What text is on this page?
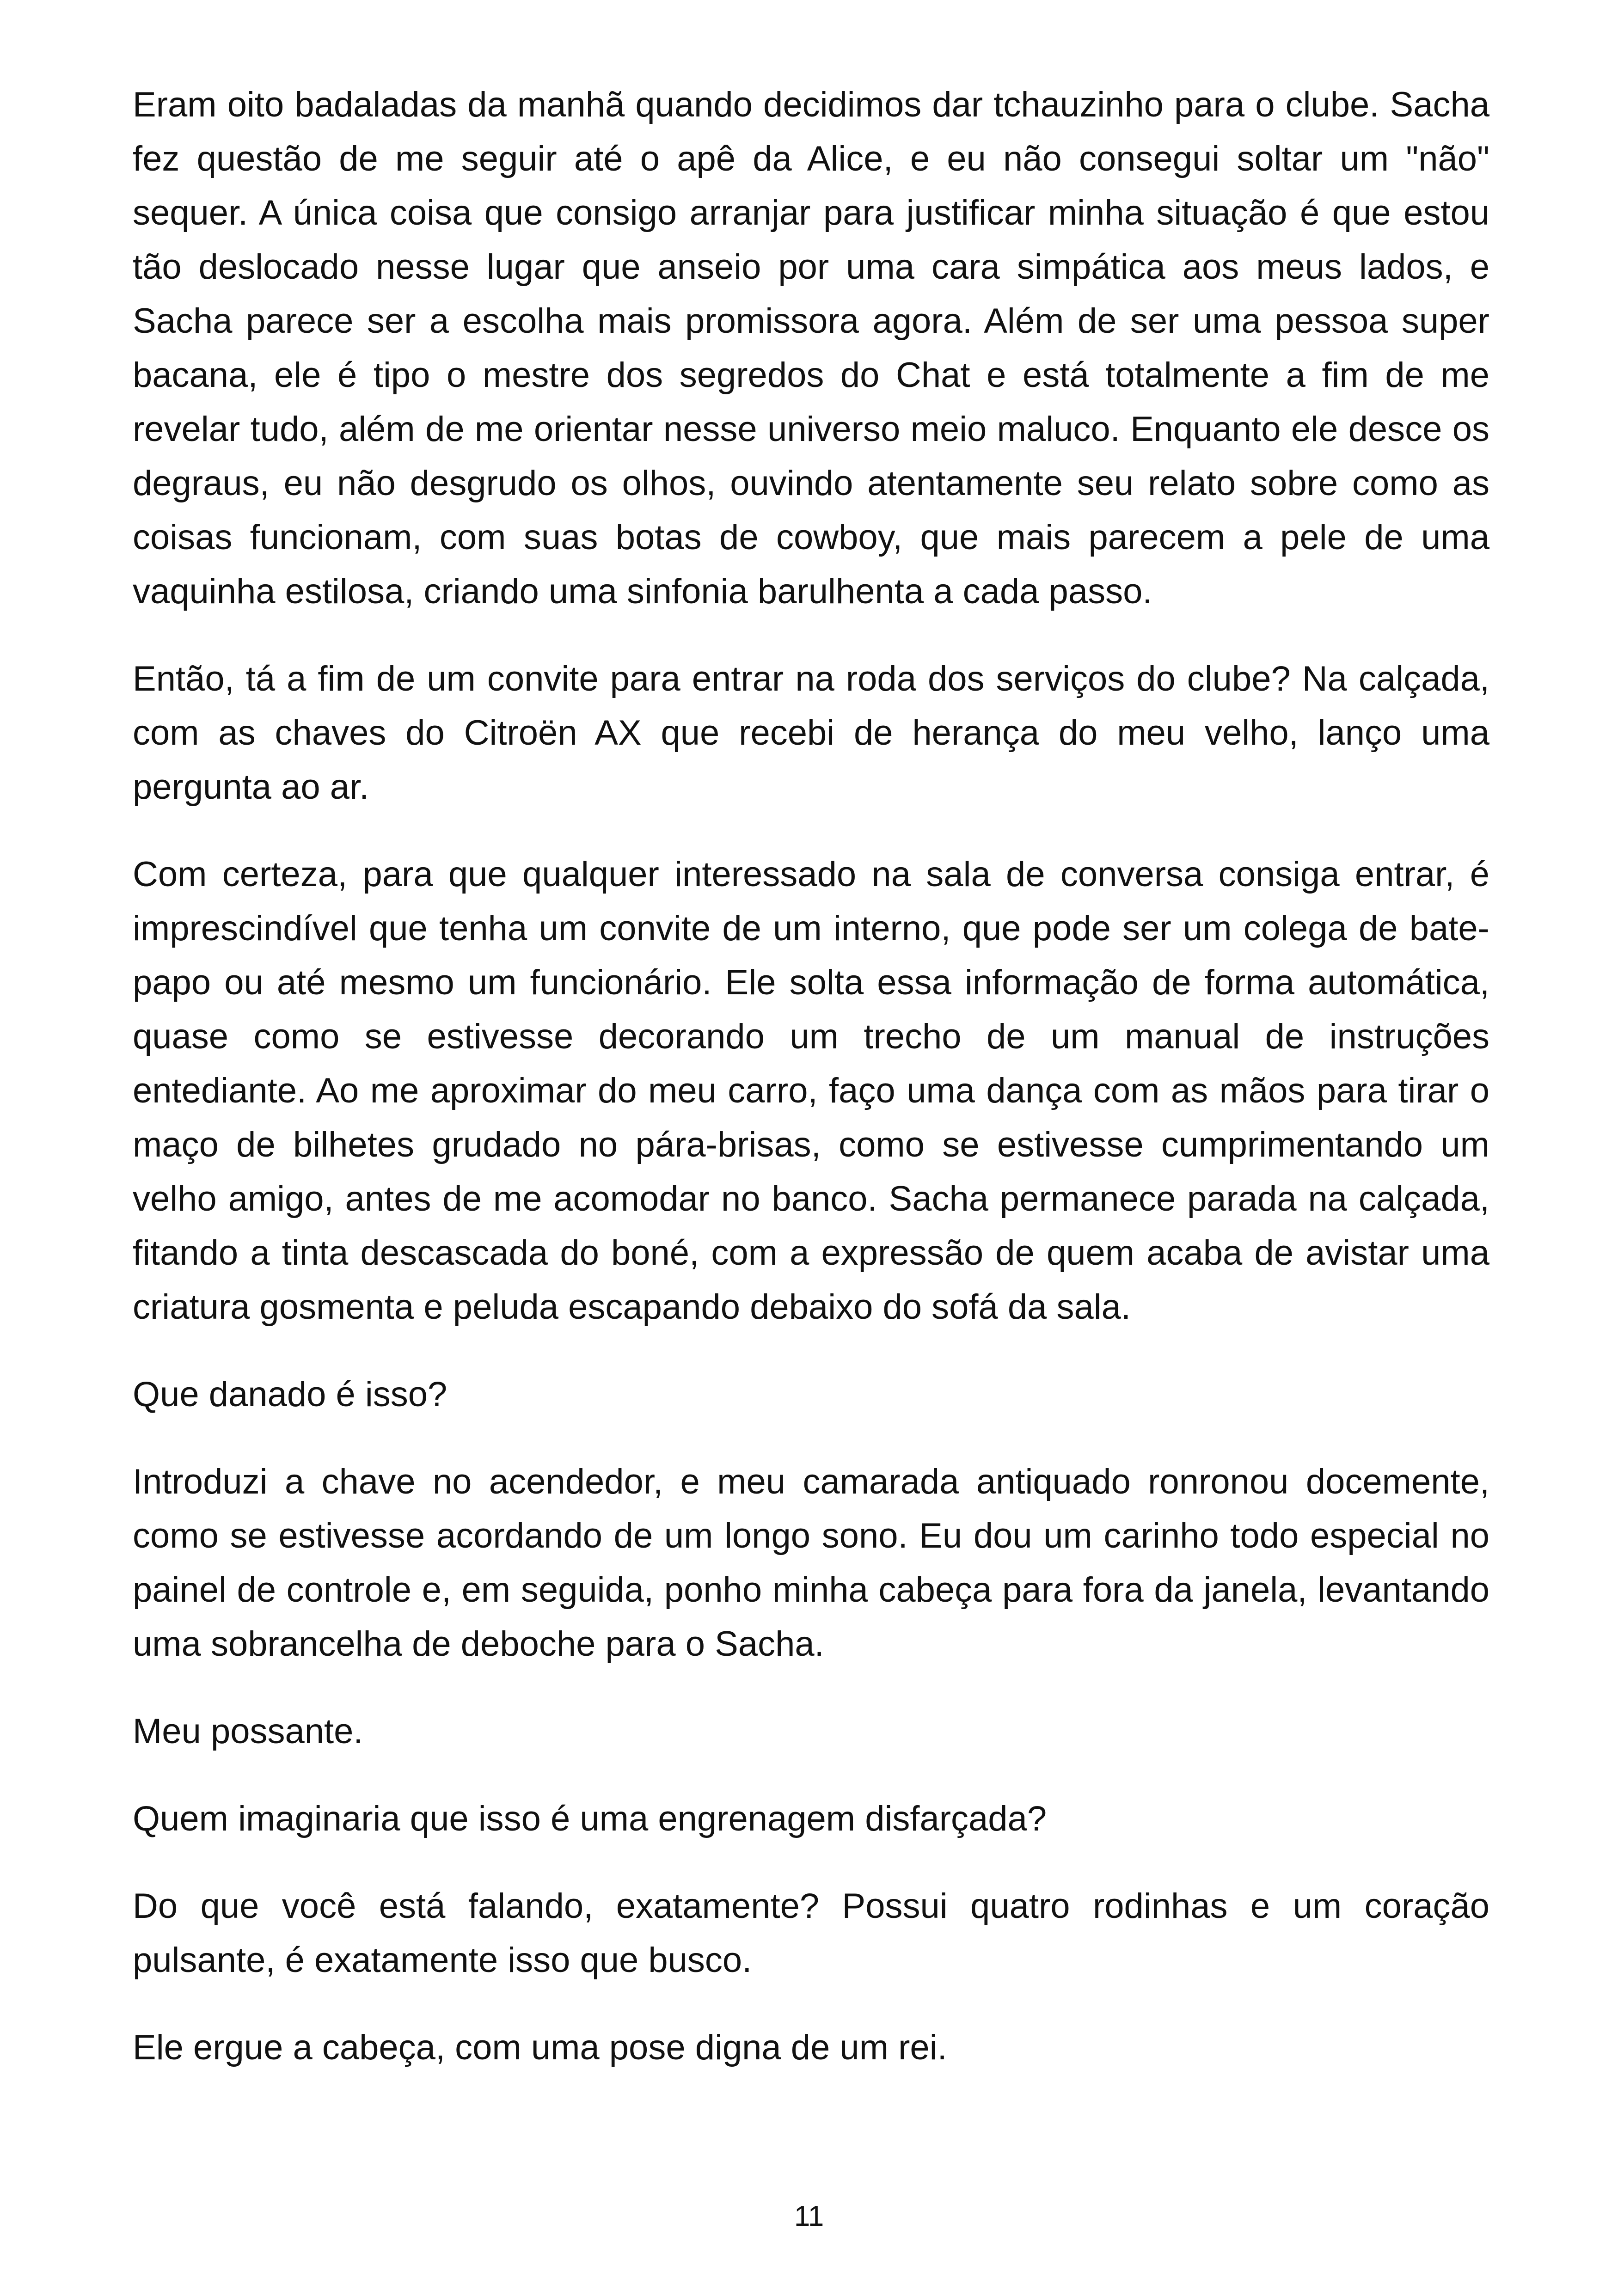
Eram oito badaladas da manhã quando decidimos dar tchauzinho para o clube. Sacha fez questão de me seguir até o apê da Alice, e eu não consegui soltar um "não" sequer. A única coisa que consigo arranjar para justificar minha situação é que estou tão deslocado nesse lugar que anseio por uma cara simpática aos meus lados, e Sacha parece ser a escolha mais promissora agora. Além de ser uma pessoa super bacana, ele é tipo o mestre dos segredos do Chat e está totalmente a fim de me revelar tudo, além de me orientar nesse universo meio maluco. Enquanto ele desce os degraus, eu não desgrudo os olhos, ouvindo atentamente seu relato sobre como as coisas funcionam, com suas botas de cowboy, que mais parecem a pele de uma vaquinha estilosa, criando uma sinfonia barulhenta a cada passo.

Então, tá a fim de um convite para entrar na roda dos serviços do clube? Na calçada, com as chaves do Citroën AX que recebi de herança do meu velho, lanço uma pergunta ao ar.

Com certeza, para que qualquer interessado na sala de conversa consiga entrar, é imprescindível que tenha um convite de um interno, que pode ser um colega de bate-papo ou até mesmo um funcionário. Ele solta essa informação de forma automática, quase como se estivesse decorando um trecho de um manual de instruções entediante. Ao me aproximar do meu carro, faço uma dança com as mãos para tirar o maço de bilhetes grudado no pára-brisas, como se estivesse cumprimentando um velho amigo, antes de me acomodar no banco. Sacha permanece parada na calçada, fitando a tinta descascada do boné, com a expressão de quem acaba de avistar uma criatura gosmenta e peluda escapando debaixo do sofá da sala.

Que danado é isso?

Introduzi a chave no acendedor, e meu camarada antiquado ronronou docemente, como se estivesse acordando de um longo sono. Eu dou um carinho todo especial no painel de controle e, em seguida, ponho minha cabeça para fora da janela, levantando uma sobrancelha de deboche para o Sacha.

Meu possante.

Quem imaginaria que isso é uma engrenagem disfarçada?

Do que você está falando, exatamente? Possui quatro rodinhas e um coração pulsante, é exatamente isso que busco.

Ele ergue a cabeça, com uma pose digna de um rei.

11
